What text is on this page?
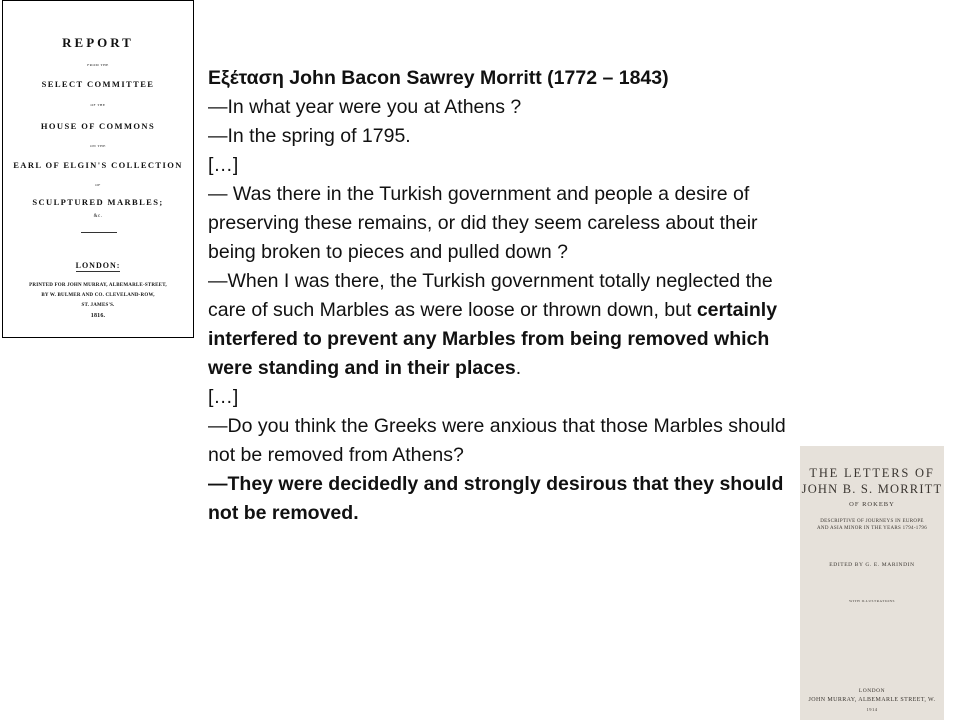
REPORT
FROM THE
SELECT COMMITTEE
OF THE
HOUSE OF COMMONS
ON THE
EARL OF ELGIN'S COLLECTION
OF
SCULPTURED MARBLES;
&c.
LONDON:
PRINTED FOR JOHN MURRAY, ALBEMARLE-STREET,
BY W. BULMER AND CO. CLEVELAND-ROW,
ST. JAMES'S.
1816.

Εξέταση John Bacon Sawrey Morritt (1772 – 1843)

—In what year were you at Athens ?

—In the spring of 1795.

[…]

— Was there in the Turkish government and people a desire of preserving these remains, or did they seem careless about their being broken to pieces and pulled down ?

—When I was there, the Turkish government totally neglected the care of such Marbles as were loose or thrown down, but certainly interfered to prevent any Marbles from being removed which were standing and in their places.

[…]

—Do you think the Greeks were anxious that those Marbles should not be removed from Athens?

—They were decidedly and strongly desirous that they should not be removed.

THE LETTERS OF
JOHN B. S. MORRITT
OF ROKEBY
DESCRIPTIVE OF JOURNEYS IN EUROPE
AND ASIA MINOR IN THE YEARS 1794-1796
EDITED BY G. E. MARINDIN
WITH ILLUSTRATIONS
LONDON
JOHN MURRAY, ALBEMARLE STREET, W.
1914
